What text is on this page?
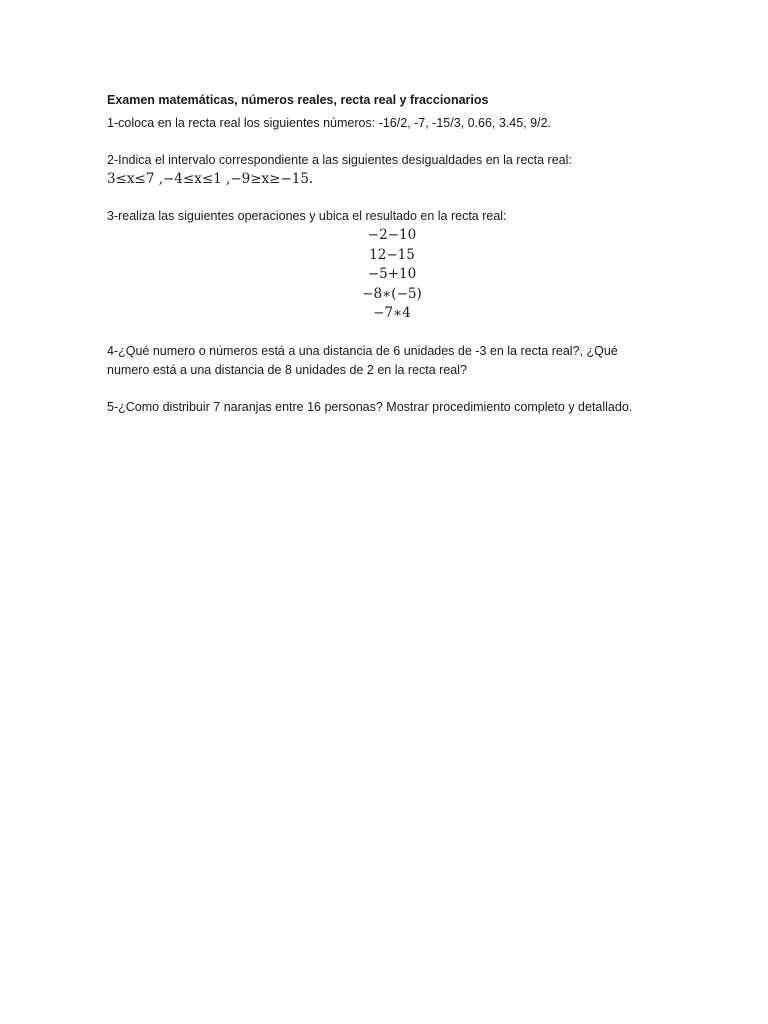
Examen matemáticas, números reales, recta real y fraccionarios

1-coloca en la recta real los siguientes números: -16/2, -7, -15/3, 0.66, 3.45, 9/2.

2-Indica el intervalo correspondiente a las siguientes desigualdades en la recta real:

3≤x≤7 ,−4≤x≤1 ,−9≥x≥−15.

3-realiza las siguientes operaciones y ubica el resultado en la recta real:

−2−10

12−15

−5+10

−8∗(−5)

−7∗4

4-¿Qué numero o números está a una distancia de 6 unidades de -3 en la recta real?, ¿Qué

numero está a una distancia de 8 unidades de 2 en la recta real?

5-¿Como distribuir 7 naranjas entre 16 personas? Mostrar procedimiento completo y detallado.
